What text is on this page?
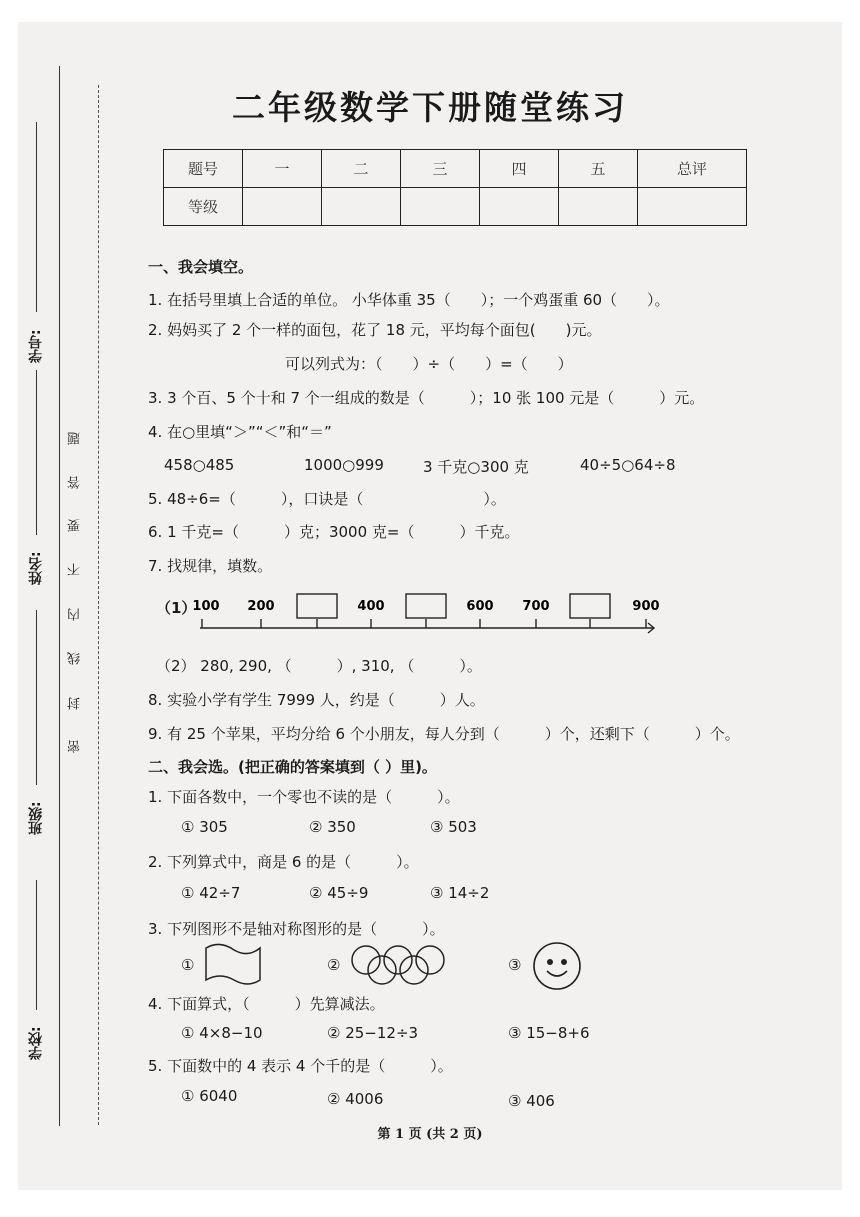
学校:
班级:
姓名:
学号:
密
封
线
内
不
要
答
题
二年级数学下册随堂练习
题号	一	二	三	四	五	总评
等级						
一、我会填空。
1. 在括号里填上合适的单位。 小华体重 35（　　）；一个鸡蛋重 60（　　）。
2. 妈妈买了 2 个一样的面包，花了 18 元，平均每个面包(　　)元。
可以列式为：（　　）÷（　　）=（　　）
3. 3 个百、5 个十和 7 个一组成的数是（　　　）；10 张 100 元是（　　　）元。
4. 在○里填“＞”“＜”和“＝”
458○485	1000○999	3 千克○300 克	40÷5○64÷8
5. 48÷6=（　　　），口诀是（　　　　　　　　）。
6. 1 千克=（　　　）克；3000 克=（　　　）千克。
7. 找规律，填数。
（1）
100 200	400	600 700	900
（2） 280, 290, （　　　）, 310, （　　　）。
8. 实验小学有学生 7999 人，约是（　　　）人。
9. 有 25 个苹果，平均分给 6 个小朋友，每人分到（　　　）个，还剩下（　　　）个。
二、我会选。(把正确的答案填到（ ）里)。
1. 下面各数中，一个零也不读的是（　　　）。
① 305	② 350	③ 503
2. 下列算式中，商是 6 的是（　　　）。
① 42÷7	② 45÷9	③ 14÷2
3. 下列图形不是轴对称图形的是（　　　）。
①	②	③
4. 下面算式，（　　　）先算减法。
① 4×8−10	② 25−12÷3	③ 15−8+6
5. 下面数中的 4 表示 4 个千的是（　　　）。
① 6040	② 4006	③ 406
第 1 页 (共 2 页)
